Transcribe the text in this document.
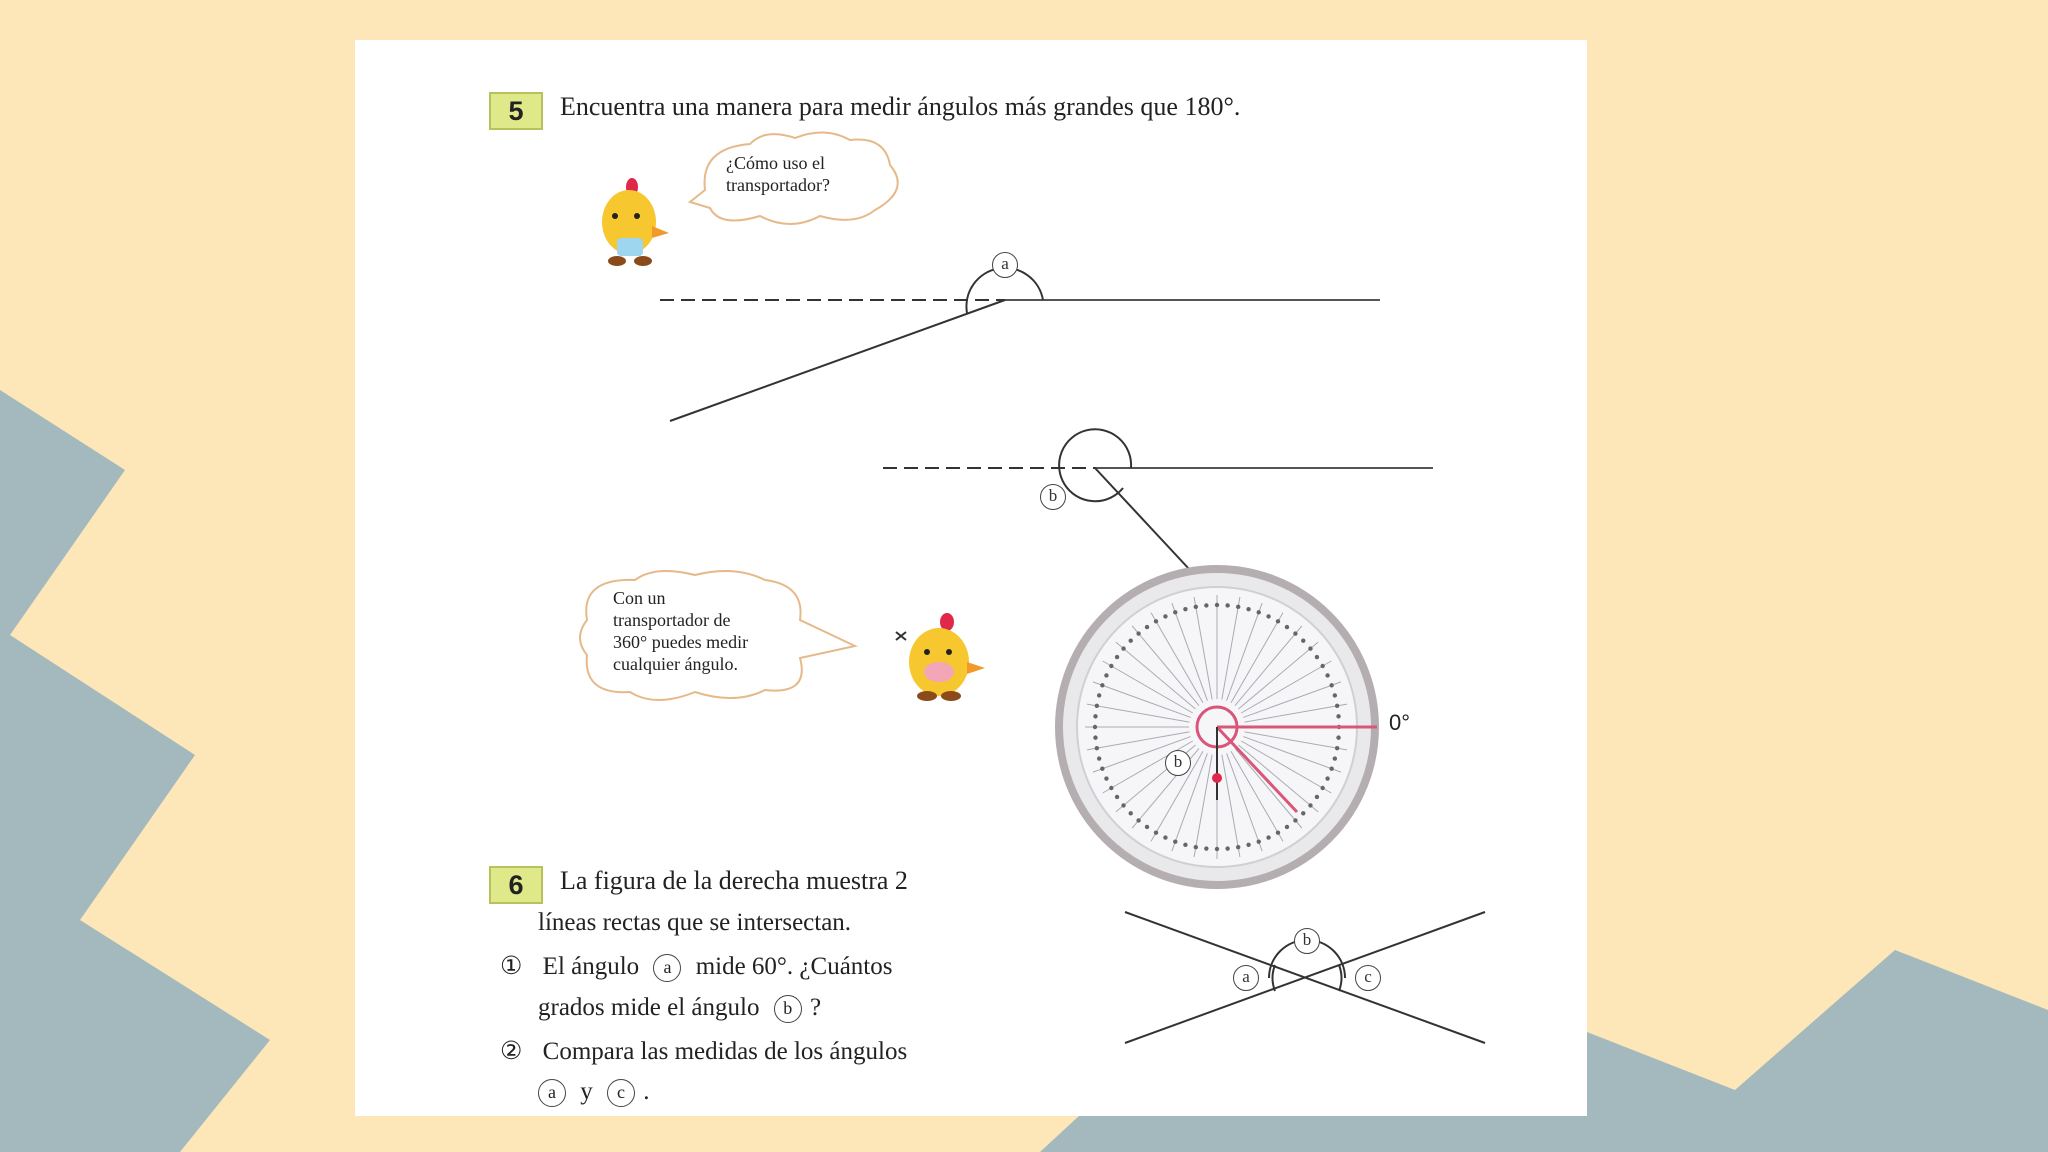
5	Encuentra una manera para medir ángulos más grandes que 180°.
¿Cómo uso el
transportador?
a
b
Con un
transportador de
360° puedes medir
cualquier ángulo.
0°
b
6	La figura de la derecha muestra 2
líneas rectas que se intersectan.
① El ángulo a mide 60°. ¿Cuántos
grados mide el ángulo b ?
② Compara las medidas de los ángulos
a y c .
a
b
c
